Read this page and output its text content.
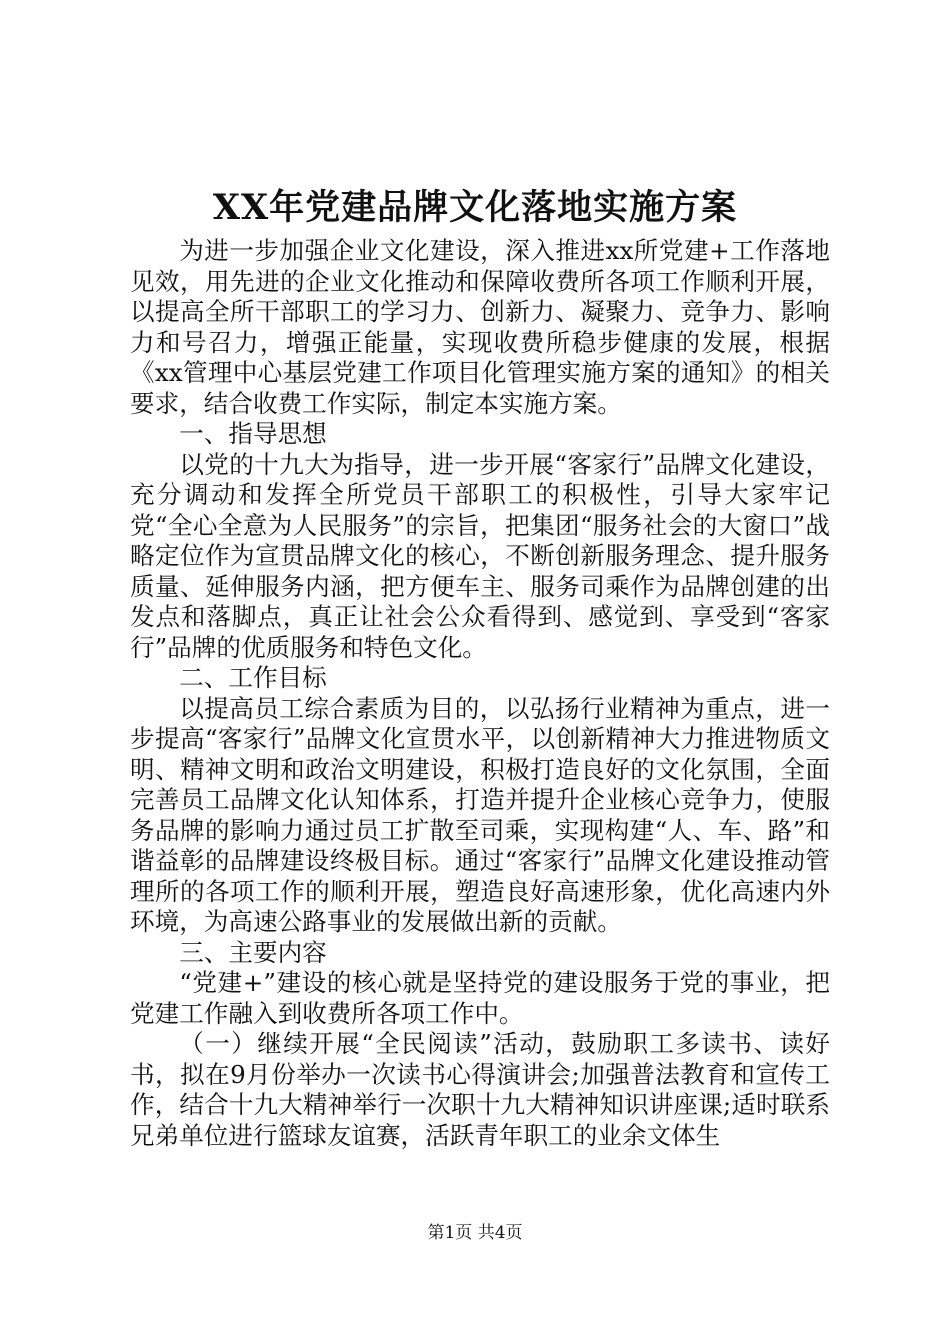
XX年党建品牌文化落地实施方案

为进一步加强企业文化建设，深入推进xx所党建+工作落地见效，用先进的企业文化推动和保障收费所各项工作顺利开展，以提高全所干部职工的学习力、创新力、凝聚力、竞争力、影响力和号召力，增强正能量，实现收费所稳步健康的发展，根据《xx管理中心基层党建工作项目化管理实施方案的通知》的相关要求，结合收费工作实际，制定本实施方案。

一、指导思想

以党的十九大为指导，进一步开展“客家行”品牌文化建设，充分调动和发挥全所党员干部职工的积极性，引导大家牢记党“全心全意为人民服务”的宗旨，把集团“服务社会的大窗口”战略定位作为宣贯品牌文化的核心，不断创新服务理念、提升服务质量、延伸服务内涵，把方便车主、服务司乘作为品牌创建的出发点和落脚点，真正让社会公众看得到、感觉到、享受到“客家行”品牌的优质服务和特色文化。

二、工作目标

以提高员工综合素质为目的，以弘扬行业精神为重点，进一步提高“客家行”品牌文化宣贯水平，以创新精神大力推进物质文明、精神文明和政治文明建设，积极打造良好的文化氛围，全面完善员工品牌文化认知体系，打造并提升企业核心竞争力，使服务品牌的影响力通过员工扩散至司乘，实现构建“人、车、路”和谐益彰的品牌建设终极目标。通过“客家行”品牌文化建设推动管理所的各项工作的顺利开展，塑造良好高速形象，优化高速内外环境，为高速公路事业的发展做出新的贡献。

三、主要内容

“党建+”建设的核心就是坚持党的建设服务于党的事业，把党建工作融入到收费所各项工作中。

（一）继续开展“全民阅读”活动，鼓励职工多读书、读好书，拟在9月份举办一次读书心得演讲会;加强普法教育和宣传工作，结合十九大精神举行一次职十九大精神知识讲座课;适时联系兄弟单位进行篮球友谊赛，活跃青年职工的业余文体生

第1页 共4页
